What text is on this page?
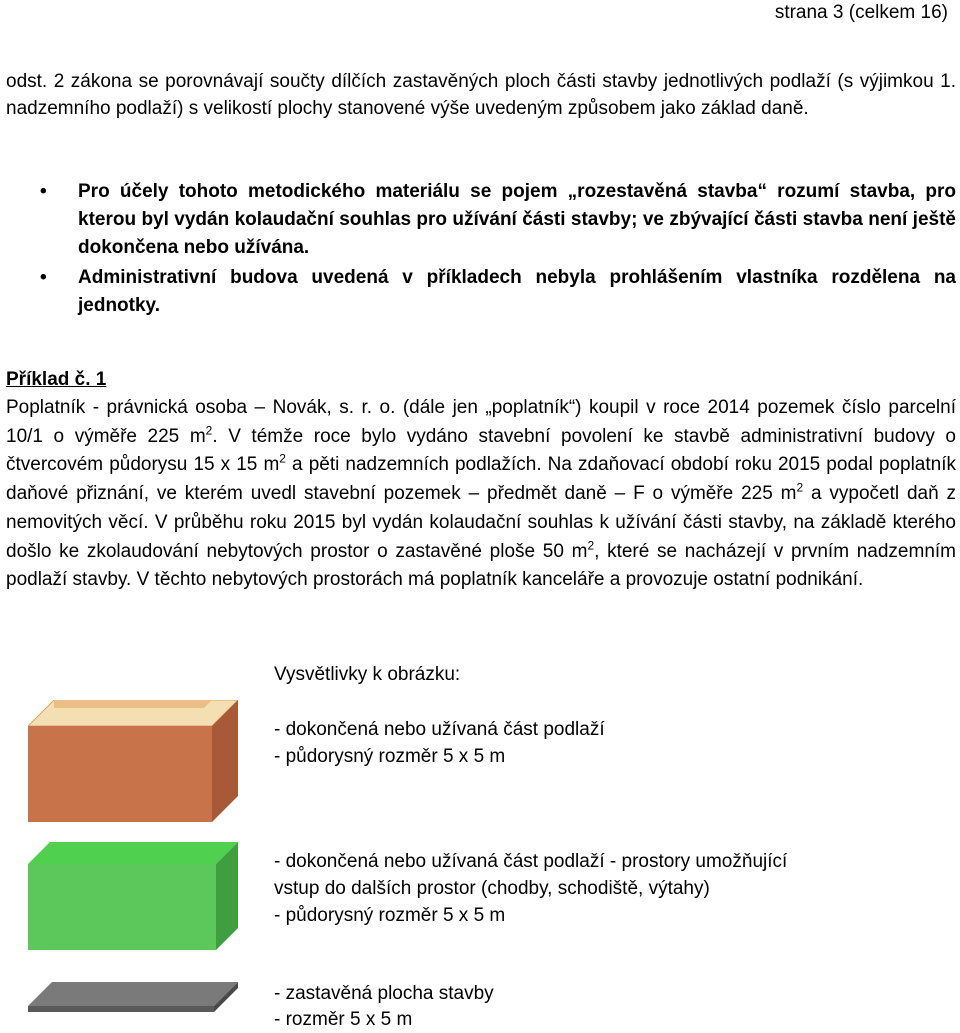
strana 3 (celkem 16)
odst. 2 zákona se porovnávají součty dílčích zastavěných ploch části stavby jednotlivých podlaží (s výjimkou 1. nadzemního podlaží) s velikostí plochy stanovené výše uvedeným způsobem jako základ daně.
• Pro účely tohoto metodického materiálu se pojem „rozestavěná stavba“ rozumí stavba, pro kterou byl vydán kolaudační souhlas pro užívání části stavby; ve zbývající části stavba není ještě dokončena nebo užívána.
• Administrativní budova uvedená v příkladech nebyla prohlášením vlastníka rozdělena na jednotky.
Příklad č. 1
Poplatník - právnická osoba – Novák, s. r. o. (dále jen „poplatník“) koupil v roce 2014 pozemek číslo parcelní 10/1 o výměře 225 $m^2$. V témže roce bylo vydáno stavební povolení ke stavbě administrativní budovy o čtvercovém půdorysu 15 x 15 $m^2$ a pěti nadzemních podlažích. Na zdaňovací období roku 2015 podal poplatník daňové přiznání, ve kterém uvedl stavební pozemek – předmět daně – F o výměře 225 $m^2$ a vypočetl daň z nemovitých věcí. V průběhu roku 2015 byl vydán kolaudační souhlas k užívání části stavby, na základě kterého došlo ke zkolaudování nebytových prostor o zastavěné ploše 50 $m^2$, které se nacházejí v prvním nadzemním podlaží stavby. V těchto nebytových prostorách má poplatník kanceláře a provozuje ostatní podnikání.
Vysvětlivky k obrázku:
- dokončená nebo užívaná část podlaží
- půdorysný rozměr 5 x 5 m
- dokončená nebo užívaná část podlaží - prostory umožňující
vstup do dalších prostor (chodby, schodiště, výtahy)
- půdorysný rozměr 5 x 5 m
- zastavěná plocha stavby
- rozměr 5 x 5 m
